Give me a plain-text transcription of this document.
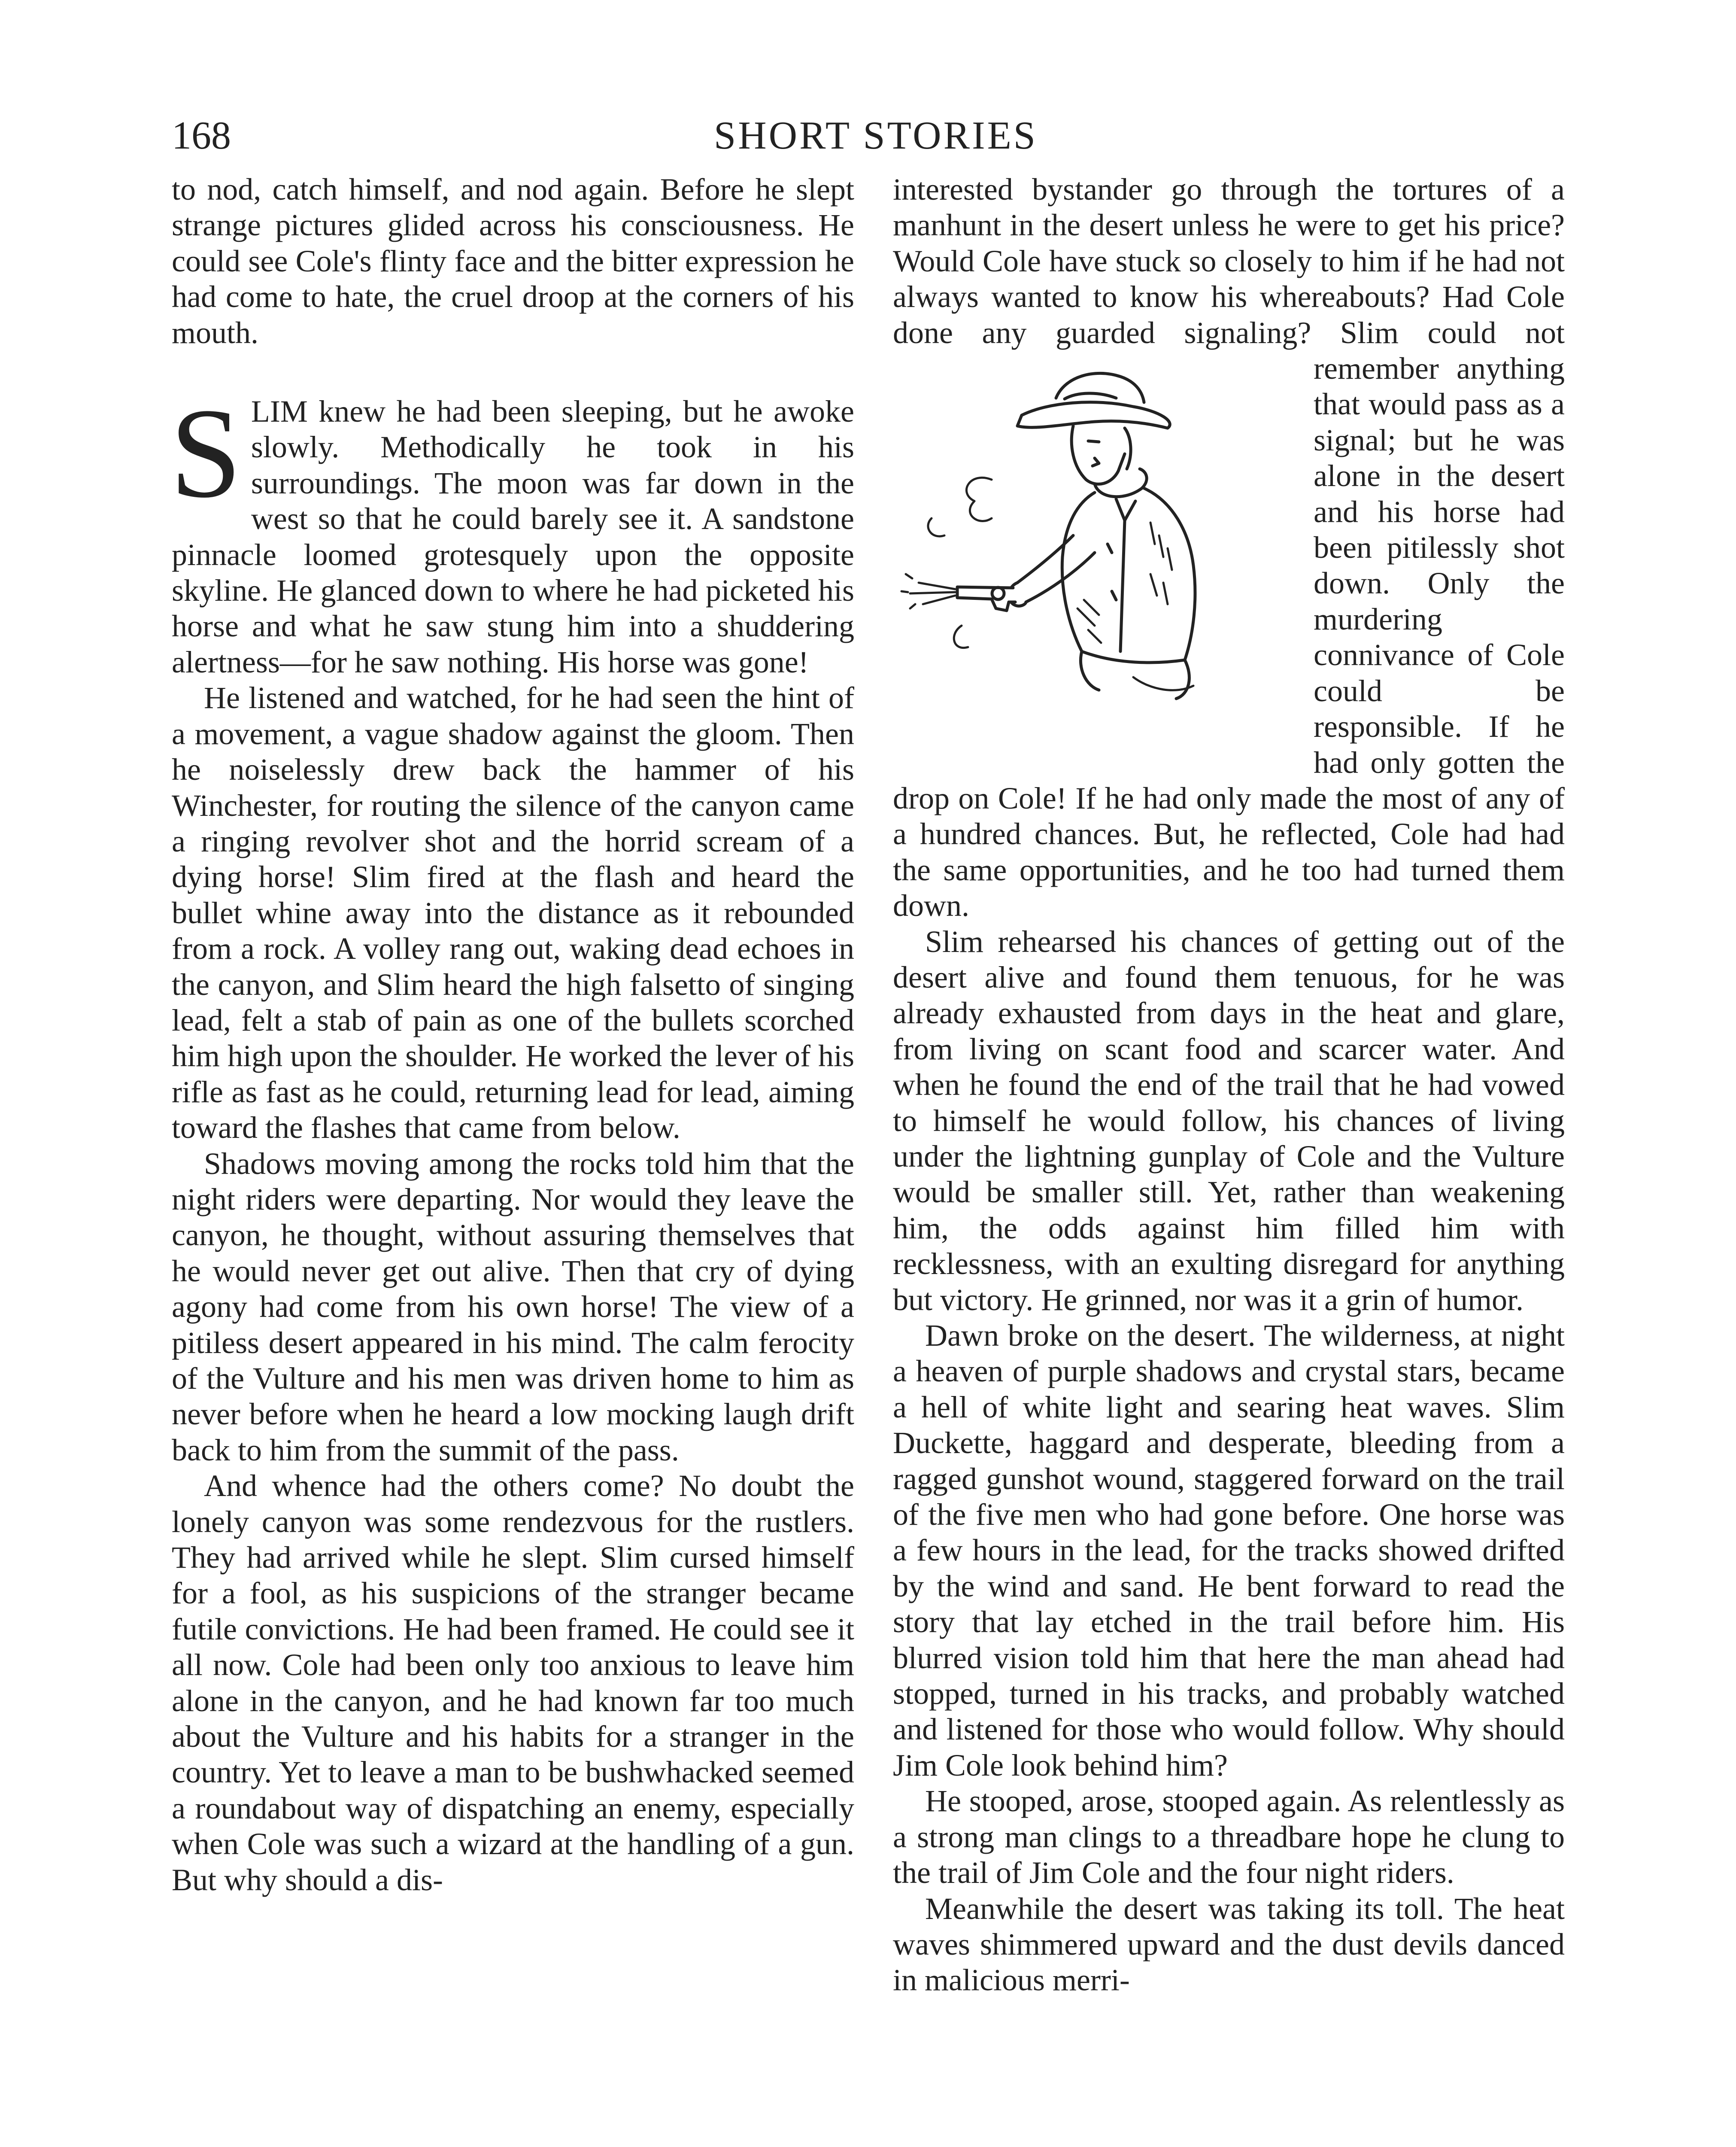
168	SHORT STORIES

to nod, catch himself, and nod again. Before he slept strange pictures glided across his consciousness. He could see Cole's flinty face and the bitter expression he had come to hate, the cruel droop at the corners of his mouth.

SLIM knew he had been sleeping, but he awoke slowly. Methodically he took in his surroundings. The moon was far down in the west so that he could barely see it. A sandstone pinnacle loomed grotesquely upon the opposite skyline. He glanced down to where he had picketed his horse and what he saw stung him into a shuddering alertness—for he saw nothing. His horse was gone!

He listened and watched, for he had seen the hint of a movement, a vague shadow against the gloom. Then he noiselessly drew back the hammer of his Winchester, for routing the silence of the canyon came a ringing revolver shot and the horrid scream of a dying horse! Slim fired at the flash and heard the bullet whine away into the distance as it rebounded from a rock. A volley rang out, waking dead echoes in the canyon, and Slim heard the high falsetto of singing lead, felt a stab of pain as one of the bullets scorched him high upon the shoulder. He worked the lever of his rifle as fast as he could, returning lead for lead, aiming toward the flashes that came from below.

Shadows moving among the rocks told him that the night riders were departing. Nor would they leave the canyon, he thought, without assuring themselves that he would never get out alive. Then that cry of dying agony had come from his own horse! The view of a pitiless desert appeared in his mind. The calm ferocity of the Vulture and his men was driven home to him as never before when he heard a low mocking laugh drift back to him from the summit of the pass.

And whence had the others come? No doubt the lonely canyon was some rendezvous for the rustlers. They had arrived while he slept. Slim cursed himself for a fool, as his suspicions of the stranger became futile convictions. He had been framed. He could see it all now. Cole had been only too anxious to leave him alone in the canyon, and he had known far too much about the Vulture and his habits for a stranger in the country. Yet to leave a man to be bushwhacked seemed a roundabout way of dispatching an enemy, especially when Cole was such a wizard at the handling of a gun. But why should a dis-

interested bystander go through the tortures of a manhunt in the desert unless he were to get his price? Would Cole have stuck so closely to him if he had not always wanted to know his whereabouts? Had Cole done any guarded signaling?
Slim could not remember anything that would pass as a signal; but he was alone in the desert and his horse had been pitilessly shot down. Only the murdering connivance of Cole could be responsible. If he had only gotten the drop on Cole! If he had only made the most of any of a hundred chances. But, he reflected, Cole had had the same opportunities, and he too had turned them down.

Slim rehearsed his chances of getting out of the desert alive and found them tenuous, for he was already exhausted from days in the heat and glare, from living on scant food and scarcer water. And when he found the end of the trail that he had vowed to himself he would follow, his chances of living under the lightning gunplay of Cole and the Vulture would be smaller still. Yet, rather than weakening him, the odds against him filled him with recklessness, with an exulting disregard for anything but victory. He grinned, nor was it a grin of humor.

Dawn broke on the desert. The wilderness, at night a heaven of purple shadows and crystal stars, became a hell of white light and searing heat waves. Slim Duckette, haggard and desperate, bleeding from a ragged gunshot wound, staggered forward on the trail of the five men who had gone before. One horse was a few hours in the lead, for the tracks showed drifted by the wind and sand. He bent forward to read the story that lay etched in the trail before him. His blurred vision told him that here the man ahead had stopped, turned in his tracks, and probably watched and listened for those who would follow. Why should Jim Cole look behind him?

He stooped, arose, stooped again. As relentlessly as a strong man clings to a threadbare hope he clung to the trail of Jim Cole and the four night riders.

Meanwhile the desert was taking its toll. The heat waves shimmered upward and the dust devils danced in malicious merri-
